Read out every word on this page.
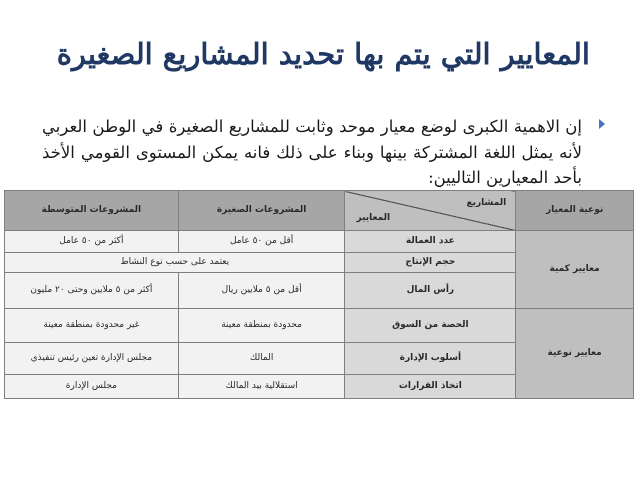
المعايير التي يتم بها تحديد المشاريع الصغيرة
إن الاهمية الكبرى لوضع معيار موحد وثابت للمشاريع الصغيرة في الوطن العربي لأنه يمثل اللغة المشتركة بينها وبناء على ذلك فانه يمكن المستوى القومي الأخذ بأحد المعيارين التاليين:
نوعية المعيار	المشاريع
المعايير	المشروعات الصغيرة	المشروعات المتوسطة
معايير كمية	عدد العمالة	أقل من ٥٠ عامل	أكثر من ٥٠ عامل
	حجم الإنتاج	يعتمد على حسب نوع النشاط	
	رأس المال	أقل من ٥ ملايين ريال	أكثر من ٥ ملايين وحتى ٢٠ مليون
معايير نوعية	الحصة من السوق	محدودة بمنطقة معينة	غير محدودة بمنطقة معينة
	أسلوب الإدارة	المالك	مجلس الإدارة تعين رئيس تنفيذي
	اتخاذ القرارات	استقلالية بيد المالك	مجلس الإدارة
